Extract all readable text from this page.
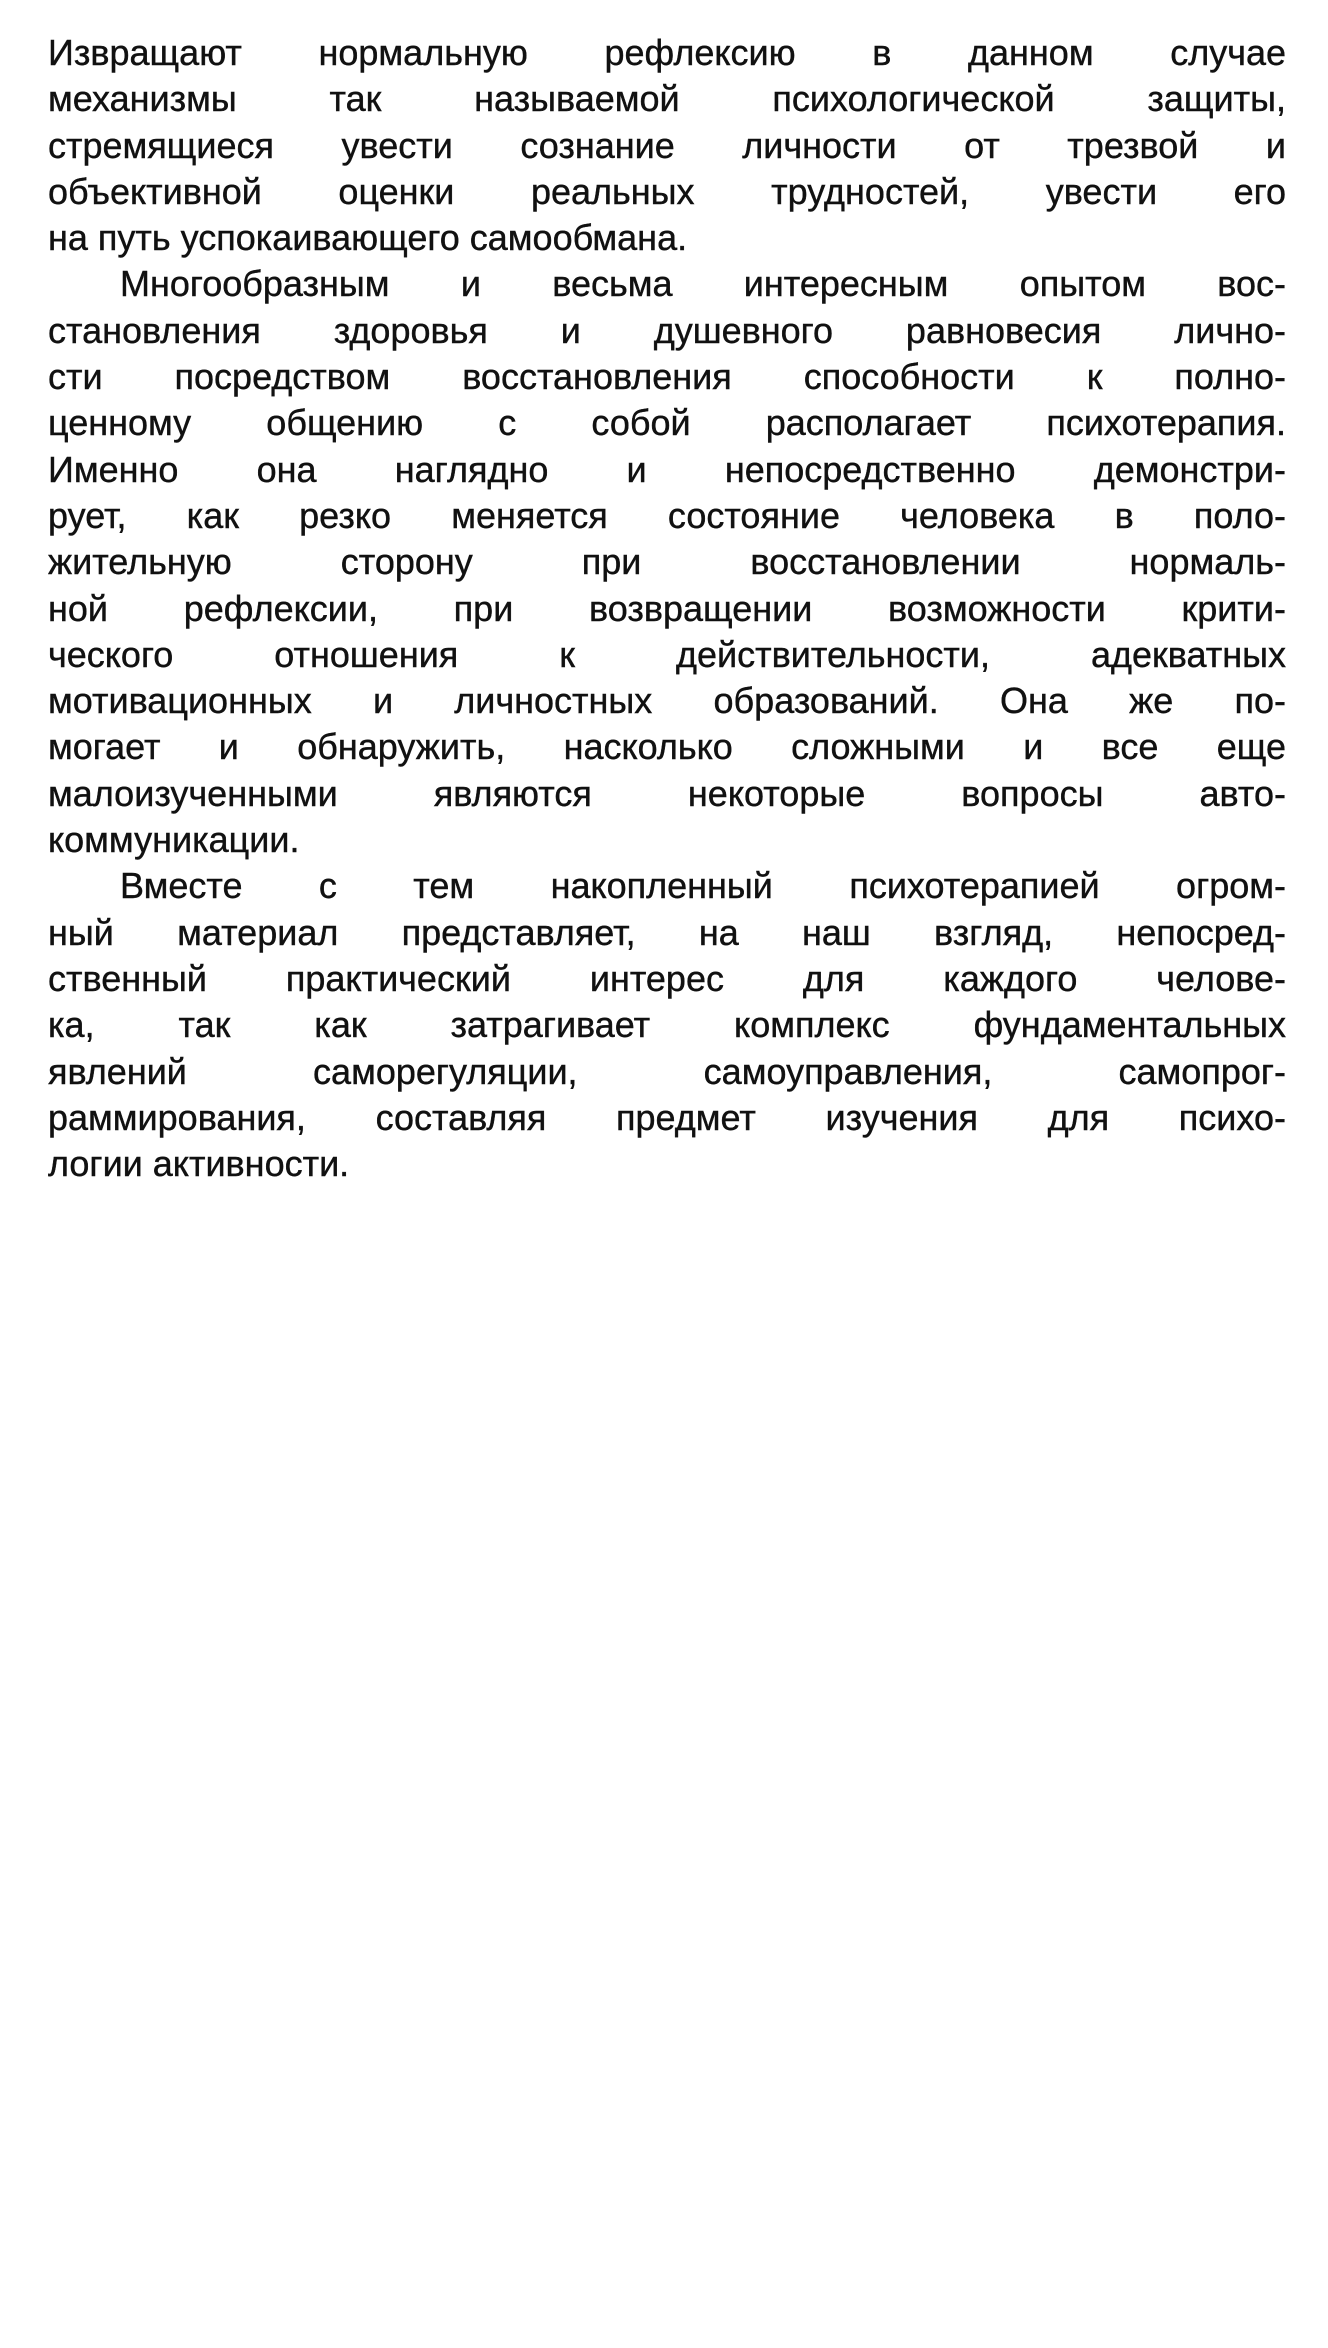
Извращают нормальную рефлексию в данном случае
механизмы так называемой психологической защиты,
стремящиеся увести сознание личности от трезвой и
объективной оценки реальных трудностей, увести его
на путь успокаивающего самообмана.
Многообразным и весьма интересным опытом вос-
становления здоровья и душевного равновесия лично-
сти посредством восстановления способности к полно-
ценному общению с собой располагает психотерапия.
Именно она наглядно и непосредственно демонстри-
рует, как резко меняется состояние человека в поло-
жительную сторону при восстановлении нормаль-
ной рефлексии, при возвращении возможности крити-
ческого отношения к действительности, адекватных
мотивационных и личностных образований. Она же по-
могает и обнаружить, насколько сложными и все еще
малоизученными являются некоторые вопросы авто-
коммуникации.
Вместе с тем накопленный психотерапией огром-
ный материал представляет, на наш взгляд, непосред-
ственный практический интерес для каждого челове-
ка, так как затрагивает комплекс фундаментальных
явлений саморегуляции, самоуправления, самопрог-
раммирования, составляя предмет изучения для психо-
логии активности.
